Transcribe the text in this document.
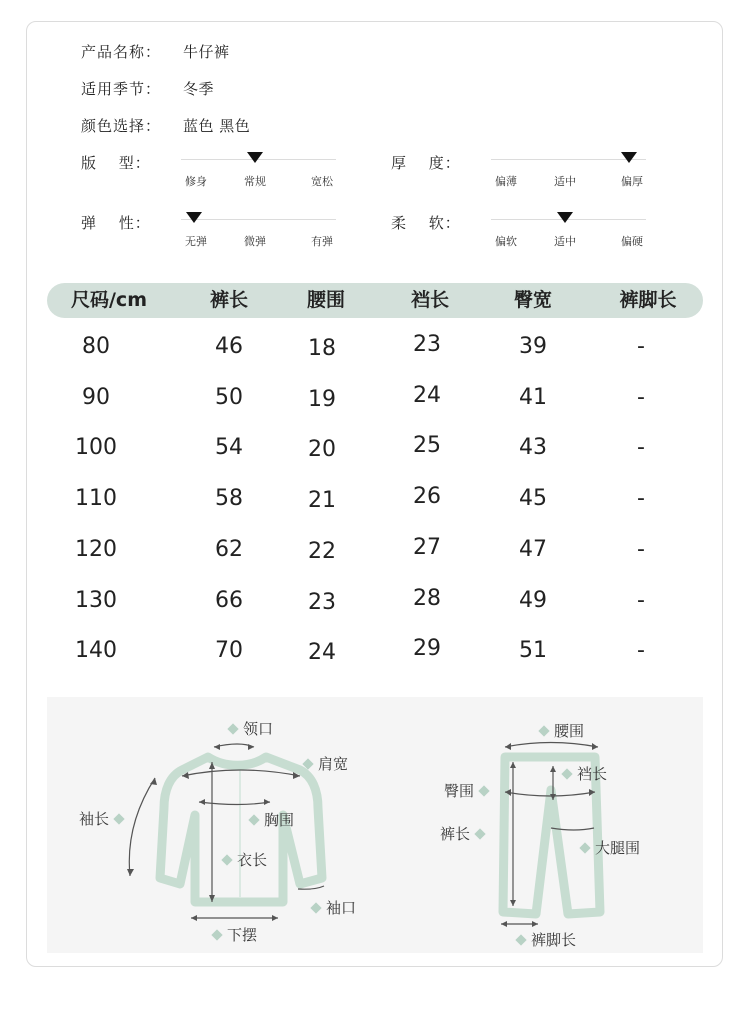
产品名称：	牛仔裤
适用季节：	冬季
颜色选择：	蓝色 黑色
版　 型：
修身	常规	宽松
厚　 度：
偏薄	适中	偏厚
弹　 性：
无弹	微弹	有弹
柔　 软：
偏软	适中	偏硬
尺码/cm	裤长	腰围	裆长	臀宽	裤脚长
80	46	18	23	39	-
90	50	19	24	41	-
100	54	20	25	43	-
110	58	21	26	45	-
120	62	22	27	47	-
130	66	23	28	49	-
140	70	24	29	51	-
领口
肩宽
袖长	胸围
衣长
袖口
下摆
腰围
臀围
裆长
裤长
大腿围
裤脚长
